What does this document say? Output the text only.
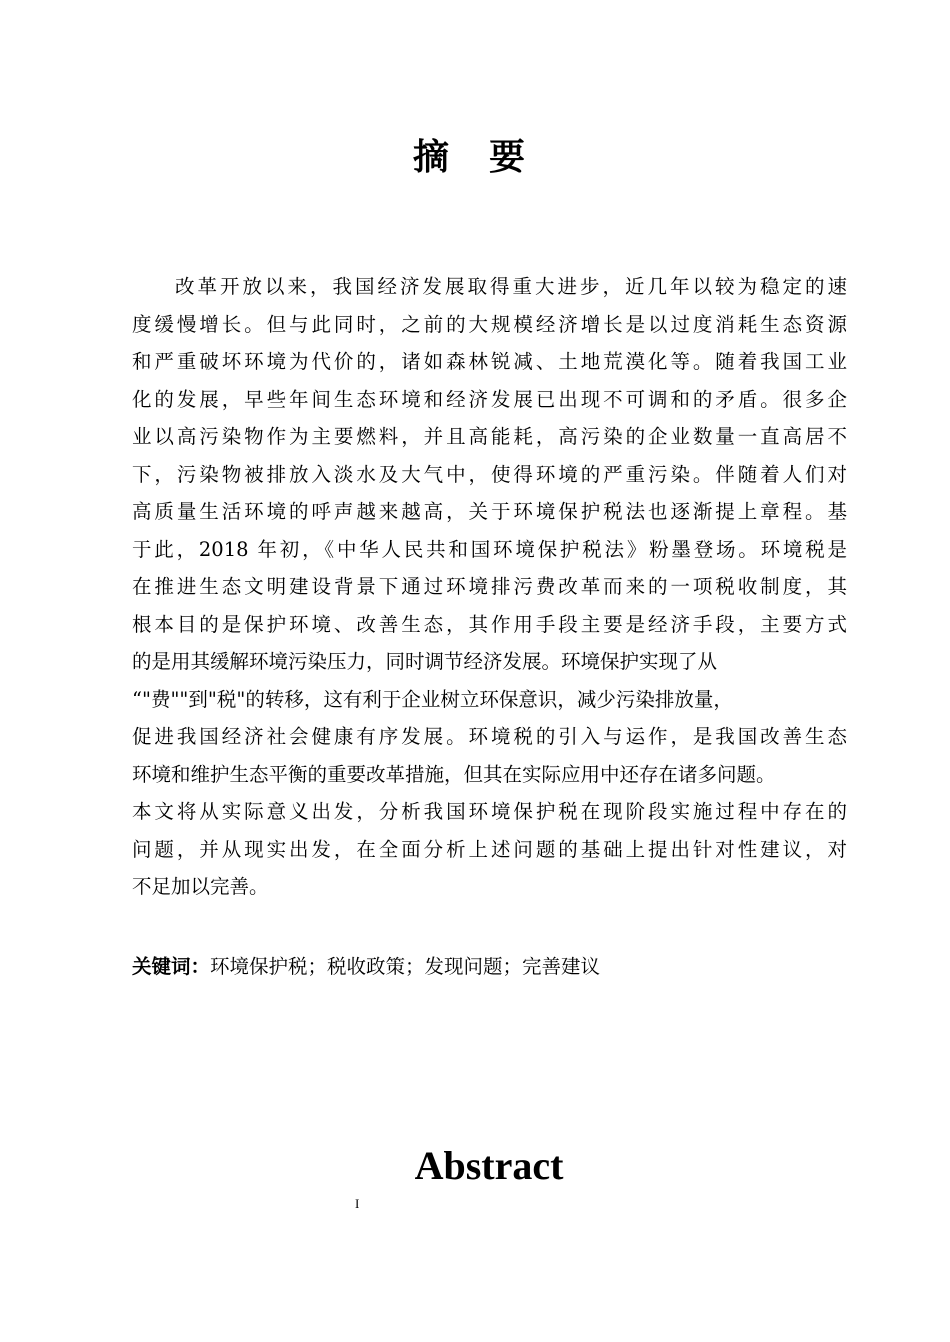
摘要
改革开放以来，我国经济发展取得重大进步，近几年以较为稳定的速
度缓慢增长。但与此同时，之前的大规模经济增长是以过度消耗生态资源
和严重破坏环境为代价的，诸如森林锐减、土地荒漠化等。随着我国工业
化的发展，早些年间生态环境和经济发展已出现不可调和的矛盾。很多企
业以高污染物作为主要燃料，并且高能耗，高污染的企业数量一直高居不
下，污染物被排放入淡水及大气中，使得环境的严重污染。伴随着人们对
高质量生活环境的呼声越来越高，关于环境保护税法也逐渐提上章程。基
于此，2018 年初，《中华人民共和国环境保护税法》粉墨登场。环境税是
在推进生态文明建设背景下通过环境排污费改革而来的一项税收制度，其
根本目的是保护环境、改善生态，其作用手段主要是经济手段，主要方式
的是用其缓解环境污染压力，同时调节经济发展。环境保护实现了从
“"费""到"税"的转移，这有利于企业树立环保意识，减少污染排放量，
促进我国经济社会健康有序发展。环境税的引入与运作，是我国改善生态
环境和维护生态平衡的重要改革措施，但其在实际应用中还存在诸多问题。
本文将从实际意义出发，分析我国环境保护税在现阶段实施过程中存在的
问题，并从现实出发，在全面分析上述问题的基础上提出针对性建议，对
不足加以完善。
关键词：环境保护税；税收政策；发现问题；完善建议
Abstract
I
